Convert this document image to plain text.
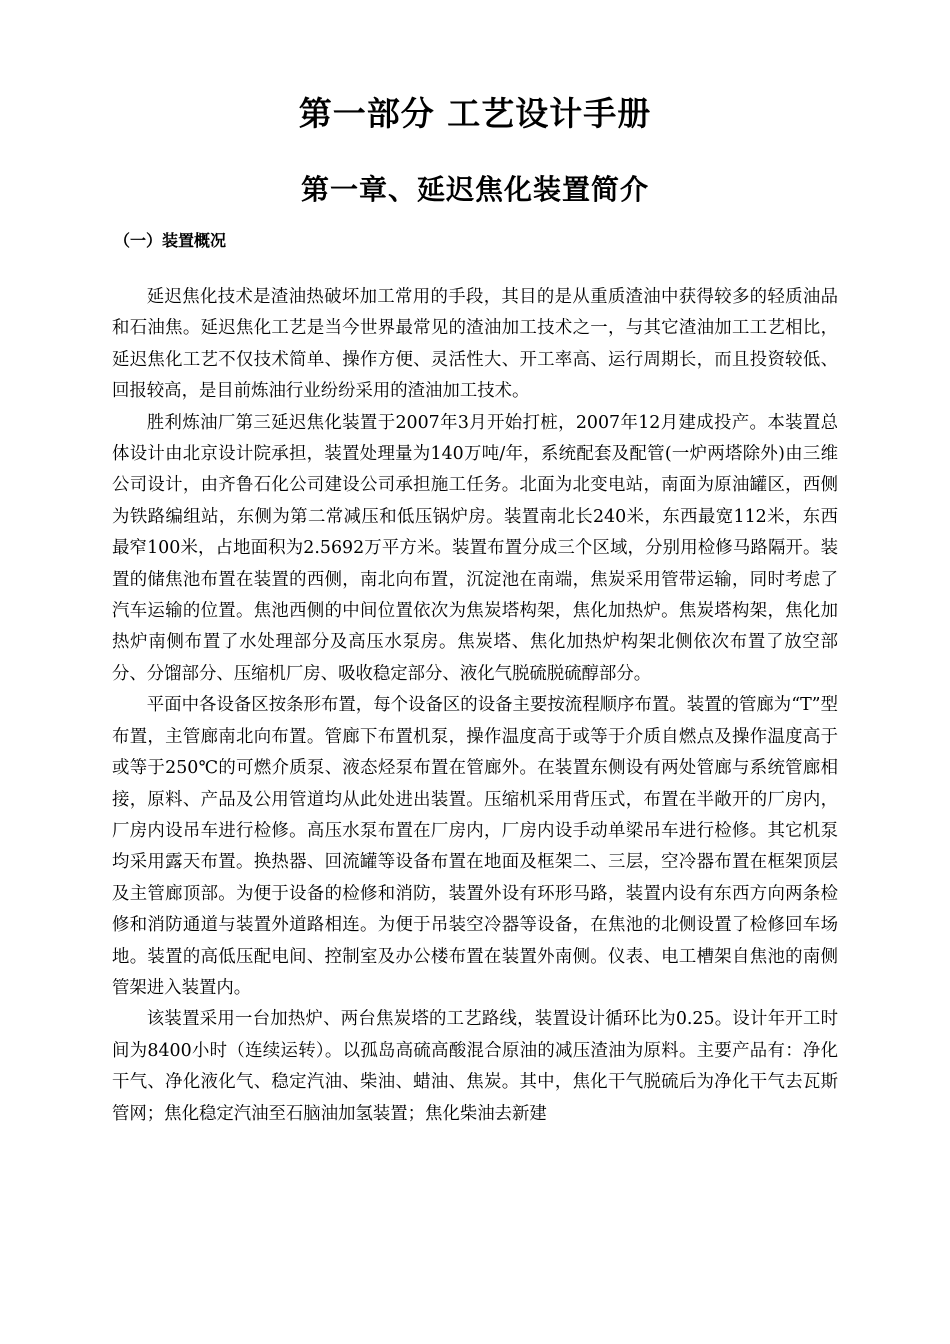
第一部分 工艺设计手册
第一章、延迟焦化装置简介
（一）装置概况

延迟焦化技术是渣油热破坏加工常用的手段，其目的是从重质渣油中获得较多的轻质油品和石油焦。延迟焦化工艺是当今世界最常见的渣油加工技术之一，与其它渣油加工工艺相比，延迟焦化工艺不仅技术简单、操作方便、灵活性大、开工率高、运行周期长，而且投资较低、回报较高，是目前炼油行业纷纷采用的渣油加工技术。

胜利炼油厂第三延迟焦化装置于2007年3月开始打桩，2007年12月建成投产。本装置总体设计由北京设计院承担，装置处理量为140万吨/年，系统配套及配管(一炉两塔除外)由三维公司设计，由齐鲁石化公司建设公司承担施工任务。北面为北变电站，南面为原油罐区，西侧为铁路编组站，东侧为第二常减压和低压锅炉房。装置南北长240米，东西最宽112米，东西最窄100米，占地面积为2.5692万平方米。装置布置分成三个区域，分别用检修马路隔开。装置的储焦池布置在装置的西侧，南北向布置，沉淀池在南端，焦炭采用管带运输，同时考虑了汽车运输的位置。焦池西侧的中间位置依次为焦炭塔构架，焦化加热炉。焦炭塔构架，焦化加热炉南侧布置了水处理部分及高压水泵房。焦炭塔、焦化加热炉构架北侧依次布置了放空部分、分馏部分、压缩机厂房、吸收稳定部分、液化气脱硫脱硫醇部分。

平面中各设备区按条形布置，每个设备区的设备主要按流程顺序布置。装置的管廊为“T”型布置，主管廊南北向布置。管廊下布置机泵，操作温度高于或等于介质自燃点及操作温度高于或等于250℃的可燃介质泵、液态烃泵布置在管廊外。在装置东侧设有两处管廊与系统管廊相接，原料、产品及公用管道均从此处进出装置。压缩机采用背压式，布置在半敞开的厂房内，厂房内设吊车进行检修。高压水泵布置在厂房内，厂房内设手动单梁吊车进行检修。其它机泵均采用露天布置。换热器、回流罐等设备布置在地面及框架二、三层，空冷器布置在框架顶层及主管廊顶部。为便于设备的检修和消防，装置外设有环形马路，装置内设有东西方向两条检修和消防通道与装置外道路相连。为便于吊装空冷器等设备，在焦池的北侧设置了检修回车场地。装置的高低压配电间、控制室及办公楼布置在装置外南侧。仪表、电工槽架自焦池的南侧管架进入装置内。

该装置采用一台加热炉、两台焦炭塔的工艺路线，装置设计循环比为0.25。设计年开工时间为8400小时（连续运转）。以孤岛高硫高酸混合原油的减压渣油为原料。主要产品有：净化干气、净化液化气、稳定汽油、柴油、蜡油、焦炭。其中，焦化干气脱硫后为净化干气去瓦斯管网；焦化稳定汽油至石脑油加氢装置；焦化柴油去新建
